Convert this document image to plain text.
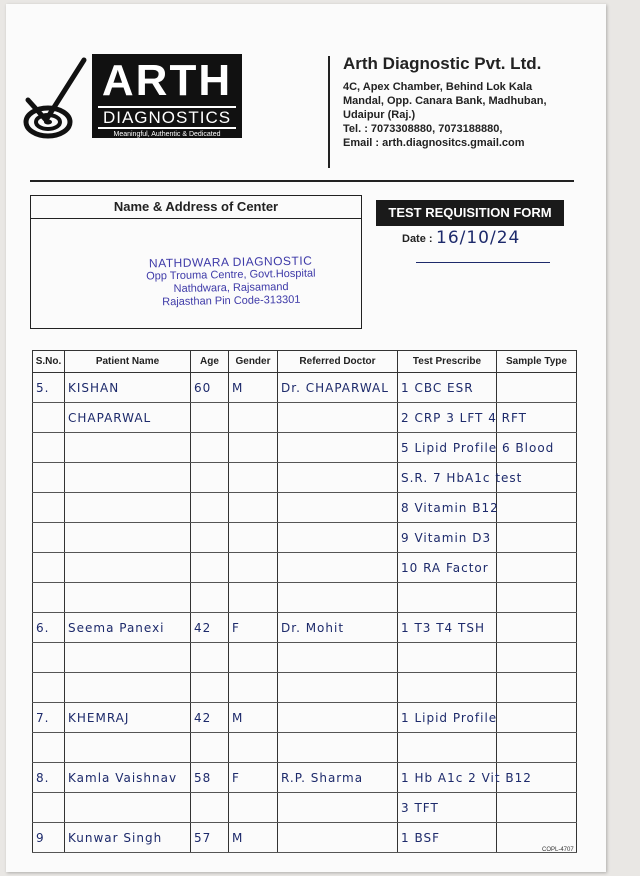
ARTH
DIAGNOSTICS
Meaningful, Authentic & Dedicated
Arth Diagnostic Pvt. Ltd.
4C, Apex Chamber, Behind Lok Kala
Mandal, Opp. Canara Bank, Madhuban,
Udaipur (Raj.)
Tel. : 7073308880, 7073188880,
Email : arth.diagnositcs.gmail.com
Name & Address of Center
NATHDWARA DIAGNOSTIC
Opp Trouma Centre, Govt.Hospital
Nathdwara, Rajsamand
Rajasthan Pin Code-313301
TEST REQUISITION FORM
Date : 16/10/24
S.No.	Patient Name	Age	Gender	Referred Doctor	Test Prescribe	Sample Type
5.	KISHAN	60	M	Dr. CHAPARWAL	1 CBC ESR	
	CHAPARWAL				2 CRP 3 LFT 4 RFT	
					5 Lipid Profile 6 Blood	
					S.R. 7 HbA1c test	
					8 Vitamin B12	
					9 Vitamin D3	
					10 RA Factor	

6.	Seema Panexi	42	F	Dr. Mohit	1 T3 T4 TSH	

7.	KHEMRAJ	42	M		1 Lipid Profile	

8.	Kamla Vaishnav	58	F	R.P. Sharma	1 Hb A1c 2 Vit B12	
					3 TFT	
9	Kunwar Singh	57	M		1 BSF	
COPL-4707
